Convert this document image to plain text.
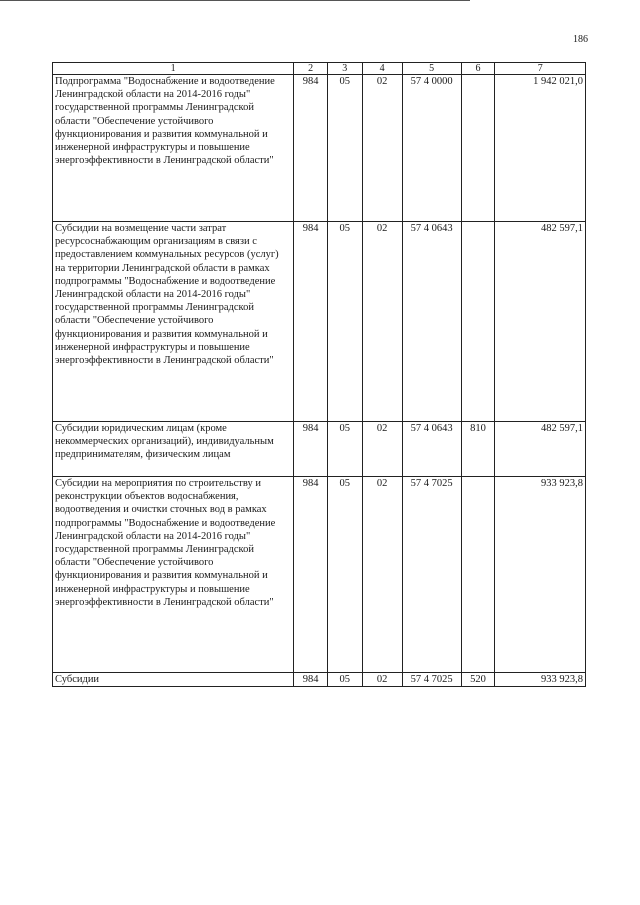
186
1	2	3	4	5	6	7
Подпрограмма "Водоснабжение и водоотведение Ленинградской области на 2014-2016 годы" государственной программы Ленинградской области "Обеспечение устойчивого функционирования и развития коммунальной и инженерной инфраструктуры и повышение энергоэффективности в Ленинградской области"	984	05	02	57 4 0000		1 942 021,0
Субсидии на возмещение части затрат ресурсоснабжающим организациям в связи с предоставлением коммунальных ресурсов (услуг) на территории Ленинградской области в рамках подпрограммы "Водоснабжение и водоотведение Ленинградской области на 2014-2016 годы" государственной программы Ленинградской области "Обеспечение устойчивого функционирования и развития коммунальной и инженерной инфраструктуры и повышение энергоэффективности в Ленинградской области"	984	05	02	57 4 0643		482 597,1
Субсидии юридическим лицам (кроме некоммерческих организаций), индивидуальным предпринимателям, физическим лицам	984	05	02	57 4 0643	810	482 597,1
Субсидии на мероприятия по строительству и реконструкции объектов водоснабжения, водоотведения и очистки сточных вод в рамках подпрограммы "Водоснабжение и водоотведение Ленинградской области на 2014-2016 годы" государственной программы Ленинградской области "Обеспечение устойчивого функционирования и развития коммунальной и инженерной инфраструктуры и повышение энергоэффективности в Ленинградской области"	984	05	02	57 4 7025		933 923,8
Субсидии	984	05	02	57 4 7025	520	933 923,8
